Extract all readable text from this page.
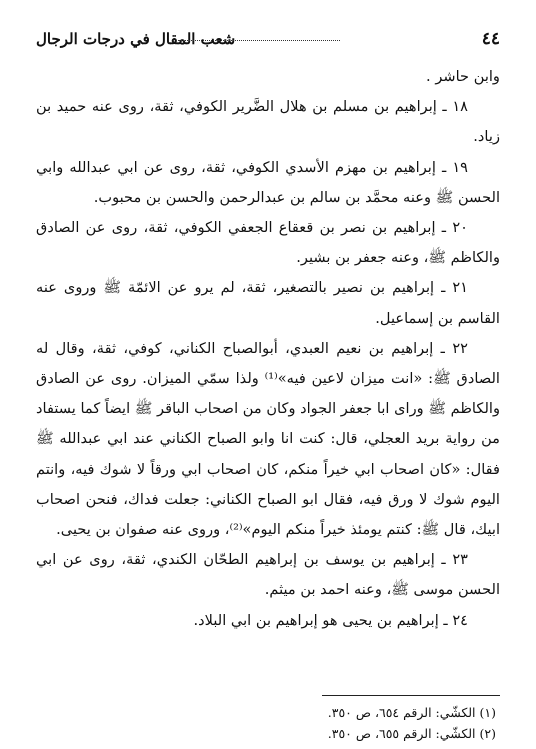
٤٤
شعب المقال في درجات الرجال

وابن حاشر .

١٨ ـ إبراهيم بن مسلم بن هلال الضَّرير الكوفي، ثقة، روى عنه حميد بن زياد.

١٩ ـ إبراهيم بن مهزم الأسدي الكوفي، ثقة، روى عن ابي عبدالله وابي الحسن ﷺ وعنه محمَّد بن سالم بن عبدالرحمن والحسن بن محبوب.

٢٠ ـ إبراهيم بن نصر بن قعقاع الجعفي الكوفي، ثقة، روى عن الصادق والكاظم ﷺ، وعنه جعفر بن بشير.

٢١ ـ إبراهيم بن نصير بالتصغير، ثقة، لم يرو عن الائمّة ﷺ وروى عنه القاسم بن إسماعيل.

٢٢ ـ إبراهيم بن نعيم العبدي، أبوالصباح الكناني، كوفي، ثقة، وقال له الصادق ﷺ: «انت ميزان لاعين فيه»⁽¹⁾ ولذا سمّي الميزان. روى عن الصادق والكاظم ﷺ وراى ابا جعفر الجواد وكان من اصحاب الباقر ﷺ ايضاً كما يستفاد من رواية بريد العجلي، قال: كنت انا وابو الصباح الكناني عند ابي عبدالله ﷺ فقال: «كان اصحاب ابي خيراً منكم، كان اصحاب ابي ورقاً لا شوك فيه، وانتم اليوم شوك لا ورق فيه، فقال ابو الصباح الكناني: جعلت فداك، فنحن اصحاب ابيك، قال ﷺ: كنتم يومئذ خيراً منكم اليوم»⁽²⁾، وروى عنه صفوان بن يحيى.

٢٣ ـ إبراهيم بن يوسف بن إبراهيم الطحّان الكندي، ثقة، روى عن ابي الحسن موسى ﷺ، وعنه احمد بن ميثم.

٢٤ ـ إبراهيم بن يحيى هو إبراهيم بن ابي البلاد.

(١) الكشّي: الرقم ٦٥٤، ص ٣٥٠.

(٢) الكشّي: الرقم ٦٥٥، ص ٣٥٠.
